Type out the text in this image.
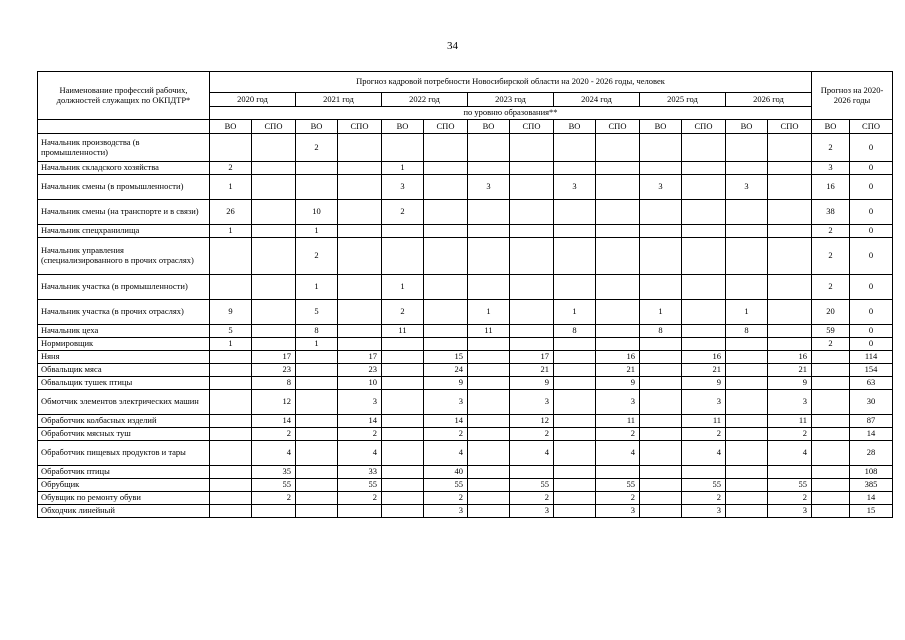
34
Наименование профессий рабочих, должностей служащих по ОКПДТР*	Прогноз кадровой потребности Новосибирской области на 2020 - 2026 годы, человек														Прогноз на 2020-2026 годы	
	2020 год		2021 год		2022 год		2023 год		2024 год		2025 год		2026 год			
	по уровню образования**															
	ВО	СПО	ВО	СПО	ВО	СПО	ВО	СПО	ВО	СПО	ВО	СПО	ВО	СПО	ВО	СПО
Начальник производства (в промышленности)			2												2	0
Начальник складского хозяйства	2				1										3	0
Начальник смены (в промышленности)	1				3		3		3		3		3		16	0
Начальник смены (на транспорте и в связи)	26		10		2										38	0
Начальник спецхранилища	1		1												2	0
Начальник управления (специализированного в прочих отраслях)			2												2	0
Начальник участка (в промышленности)			1		1										2	0
Начальник участка (в прочих отраслях)	9		5		2		1		1		1		1		20	0
Начальник цеха	5		8		11		11		8		8		8		59	0
Нормировщик	1		1												2	0
Няня		17		17		15		17		16		16		16		114
Обвальщик мяса		23		23		24		21		21		21		21		154
Обвальщик тушек птицы		8		10		9		9		9		9		9		63
Обмотчик элементов электрических машин		12		3		3		3		3		3		3		30
Обработчик колбасных изделий		14		14		14		12		11		11		11		87
Обработчик мясных туш		2		2		2		2		2		2		2		14
Обработчик пищевых продуктов и тары		4		4		4		4		4		4		4		28
Обработчик птицы		35		33		40										108
Обрубщик		55		55		55		55		55		55		55		385
Обувщик по ремонту обуви		2		2		2		2		2		2		2		14
Обходчик линейный						3		3		3		3		3		15
